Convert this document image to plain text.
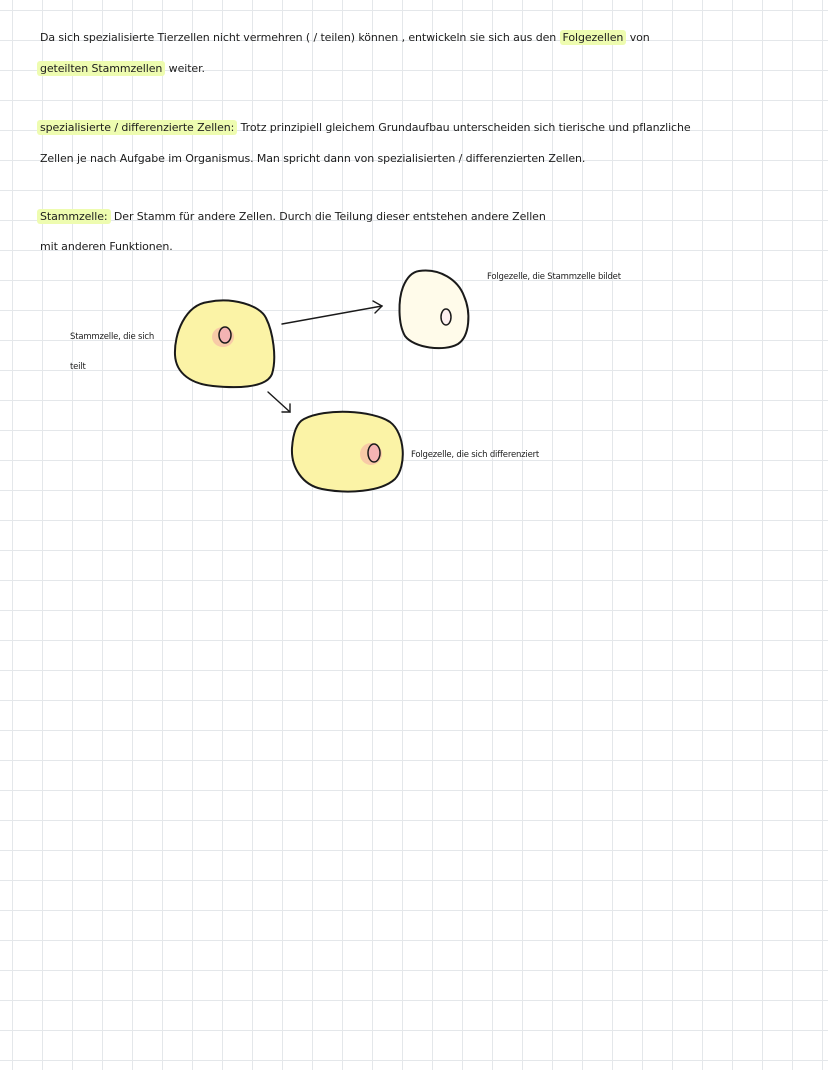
Da sich spezialisierte Tierzellen nicht vermehren ( / teilen) können , entwickeln sie sich aus den Folgezellen von
geteilten Stammzellen weiter.
spezialisierte / differenzierte Zellen: Trotz prinzipiell gleichem Grundaufbau unterscheiden sich tierische und pflanzliche
Zellen je nach Aufgabe im Organismus. Man spricht dann von spezialisierten / differenzierten Zellen.
Stammzelle: Der Stamm für andere Zellen. Durch die Teilung dieser entstehen andere Zellen
mit anderen Funktionen.
Stammzelle, die sich
teilt
Folgezelle, die Stammzelle bildet
Folgezelle, die sich differenziert
